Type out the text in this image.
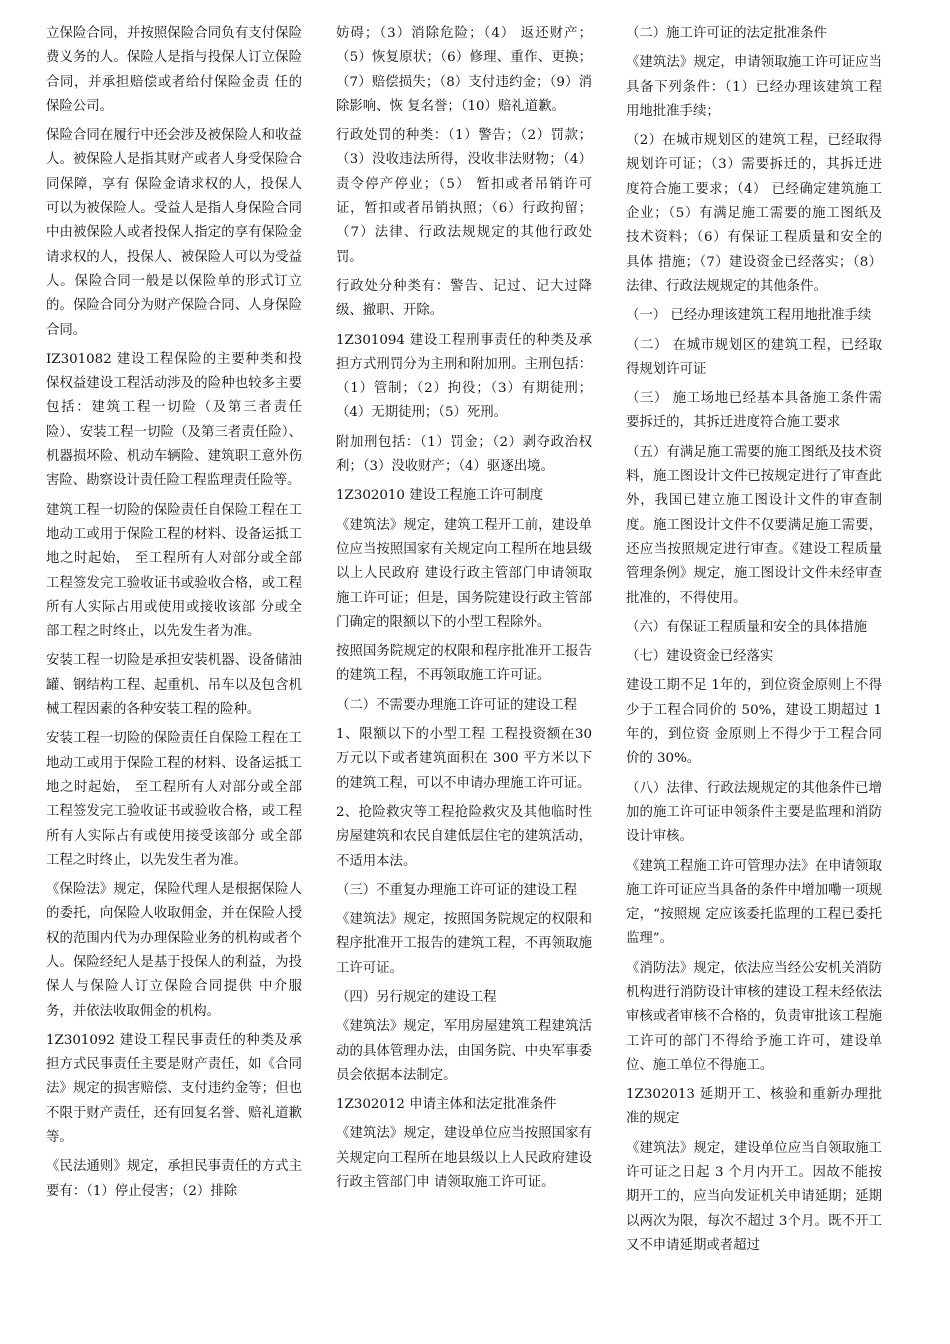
立保险合同，并按照保险合同负有支付保险费义务的人。保险人是指与投保人订立保险合同，并承担赔偿或者给付保险金责 任的保险公司。

保险合同在履行中还会涉及被保险人和收益人。被保险人是指其财产或者人身受保险合同保障，享有 保险金请求权的人，投保人可以为被保险人。受益人是指人身保险合同中由被保险人或者投保人指定的享有保险金请求权的人，投保人、被保险人可以为受益人。保险合同一般是以保险单的形式订立的。保险合同分为财产保险合同、人身保险合同。

IZ301082 建设工程保险的主要种类和投保权益建设工程活动涉及的险种也较多主要包括：建筑工程一切险（及第三者责任险）、安装工程一切险（及第三者责任险）、机器损坏险、机动车辆险、建筑职工意外伤害险、勘察设计责任险工程监理责任险等。

建筑工程一切险的保险责任自保险工程在工地动工或用于保险工程的材料、设备运抵工地之时起始， 至工程所有人对部分或全部工程签发完工验收证书或验收合格，或工程所有人实际占用或使用或接收该部 分或全部工程之时终止，以先发生者为准。

安装工程一切险是承担安装机器、设备储油罐、钢结构工程、起重机、吊车以及包含机械工程因素的各种安装工程的险种。

安装工程一切险的保险责任自保险工程在工地动工或用于保险工程的材料、设备运抵工地之时起始， 至工程所有人对部分或全部工程签发完工验收证书或验收合格，或工程所有人实际占有或使用接受该部分 或全部工程之时终止，以先发生者为准。

《保险法》规定，保险代理人是根据保险人的委托，向保险人收取佣金，并在保险人授权的范围内代为办理保险业务的机构或者个人。保险经纪人是基于投保人的利益，为投保人与保险人订立保险合同提供 中介服务，并依法收取佣金的机构。

1Z301092 建设工程民事责任的种类及承担方式民事责任主要是财产责任，如《合同法》规定的损害赔偿、支付违约金等；但也不限于财产责任，还有回复名誉、赔礼道歉等。

《民法通则》规定，承担民事责任的方式主要有：（1）停止侵害；（2）排除

妨碍；（3）消除危险；（4） 返还财产；（5）恢复原状；（6）修理、重作、更换；（7）赔偿损失；（8）支付违约金；（9）消除影响、恢 复名誉；（10）赔礼道歉。

行政处罚的种类：（1）警告；（2）罚款；（3）没收违法所得，没收非法财物；（4）责令停产停业；（5） 暂扣或者吊销许可证，暂扣或者吊销执照；（6）行政拘留；（7）法律、行政法规规定的其他行政处罚。

行政处分种类有：警告、记过、记大过降级、撤职、开除。

1Z301094 建设工程刑事责任的种类及承担方式刑罚分为主刑和附加刑。主刑包括：（1）管制；（2）拘役；（3）有期徒刑；（4）无期徒刑；（5）死刑。

附加刑包括：（1）罚金；（2）剥夺政治权利；（3）没收财产；（4）驱逐出境。

1Z302010 建设工程施工许可制度

《建筑法》规定，建筑工程开工前，建设单位应当按照国家有关规定向工程所在地县级以上人民政府 建设行政主管部门申请领取施工许可证；但是，国务院建设行政主管部门确定的限额以下的小型工程除外。

按照国务院规定的权限和程序批准开工报告的建筑工程，不再领取施工许可证。

（二）不需要办理施工许可证的建设工程

1、限额以下的小型工程 工程投资额在30 万元以下或者建筑面积在 300 平方米以下的建筑工程，可以不申请办理施工许可证。

2、抢险救灾等工程抢险救灾及其他临时性房屋建筑和农民自建低层住宅的建筑活动，不适用本法。

（三）不重复办理施工许可证的建设工程

《建筑法》规定，按照国务院规定的权限和程序批准开工报告的建筑工程，不再领取施工许可证。

（四）另行规定的建设工程

《建筑法》规定，军用房屋建筑工程建筑活动的具体管理办法，由国务院、中央军事委员会依据本法制定。

1Z302012 申请主体和法定批准条件

《建筑法》规定，建设单位应当按照国家有关规定向工程所在地县级以上人民政府建设行政主管部门申 请领取施工许可证。

（二）施工许可证的法定批准条件

《建筑法》规定，申请领取施工许可证应当具备下列条件：（1）已经办理该建筑工程用地批准手续；

（2）在城市规划区的建筑工程，已经取得规划许可证；（3）需要拆迁的，其拆迁进度符合施工要求；（4） 已经确定建筑施工企业；（5）有满足施工需要的施工图纸及技术资料；（6）有保证工程质量和安全的具体 措施；（7）建设资金已经落实；（8）法律、行政法规规定的其他条件。

（一） 已经办理该建筑工程用地批准手续

（二） 在城市规划区的建筑工程，已经取得规划许可证

（三） 施工场地已经基本具备施工条件需要拆迁的，其拆迁进度符合施工要求

（五）有满足施工需要的施工图纸及技术资料，施工图设计文件已按规定进行了审查此外，我国已建立施工图设计文件的审查制度。施工图设计文件不仅要满足施工需要，还应当按照规定进行审查。《建设工程质量管理条例》规定，施工图设计文件未经审查批准的，不得使用。

（六）有保证工程质量和安全的具体措施

（七）建设资金已经落实

建设工期不足 1年的，到位资金原则上不得少于工程合同价的 50%，建设工期超过 1年的，到位资 金原则上不得少于工程合同价的 30%。

（八）法律、行政法规规定的其他条件已增加的施工许可证申领条件主要是监理和消防设计审核。

《建筑工程施工许可管理办法》在申请领取施工许可证应当具备的条件中增加嘞一项规定，“按照规 定应该委托监理的工程已委托监理”。

《消防法》规定，依法应当经公安机关消防机构进行消防设计审核的建设工程未经依法审核或者审核不合格的，负责审批该工程施工许可的部门不得给予施工许可，建设单位、施工单位不得施工。

1Z302013 延期开工、核验和重新办理批准的规定

《建筑法》规定，建设单位应当自领取施工许可证之日起 3 个月内开工。因故不能按期开工的，应当向发证机关申请延期；延期以两次为限，每次不超过 3个月。既不开工又不申请延期或者超过
